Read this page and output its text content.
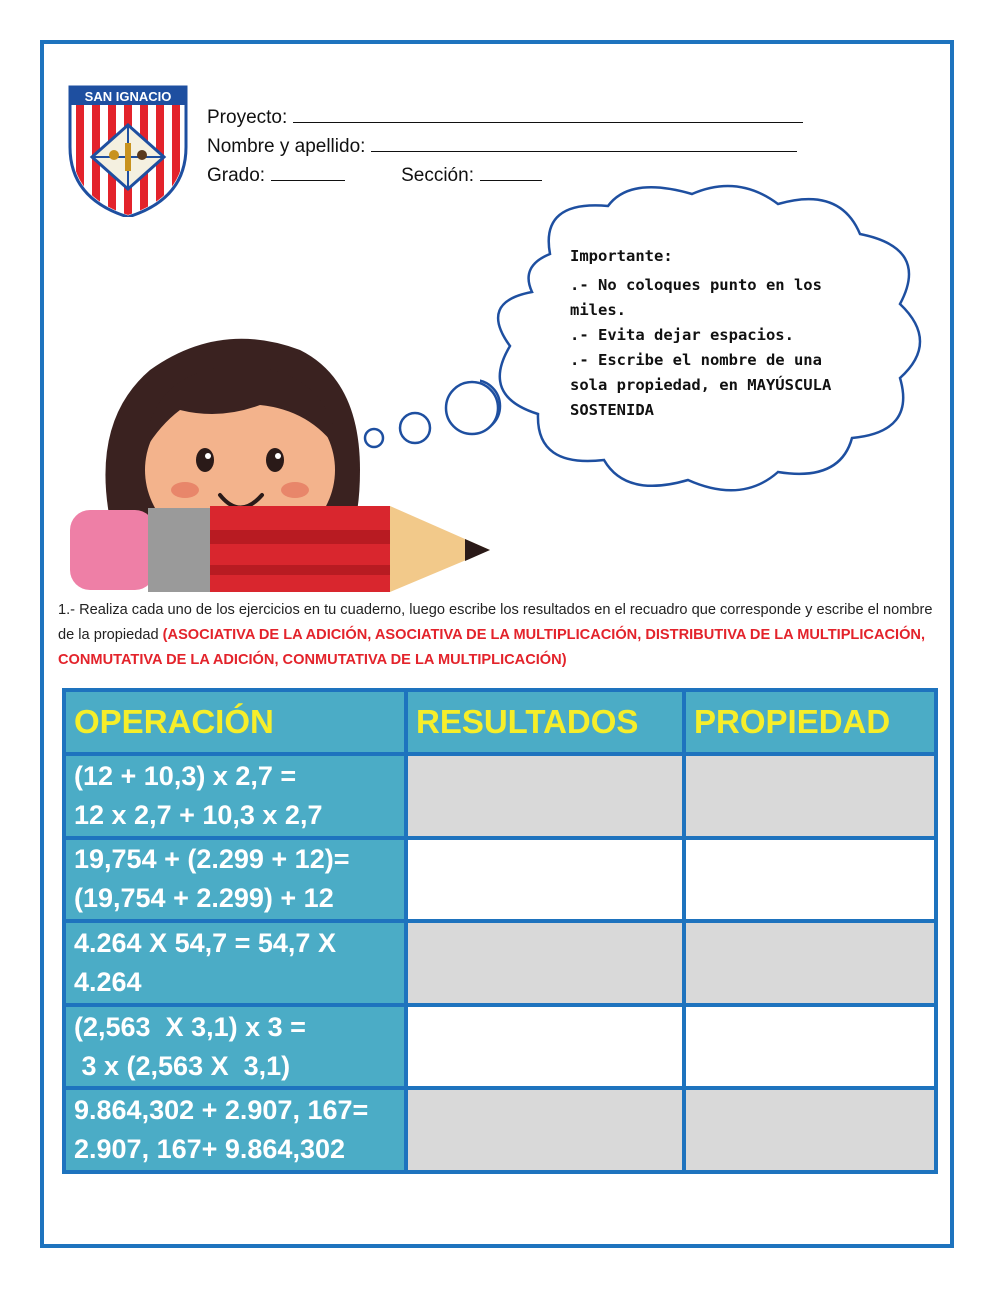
SAN IGNACIO
Proyecto:
Nombre y apellido:
Grado:	Sección:
Importante:
.- No coloques punto en los miles.
.- Evita dejar espacios.
.- Escribe el nombre de una sola propiedad, en MAYÚSCULA SOSTENIDA
1.- Realiza cada uno de los ejercicios en tu cuaderno, luego escribe los resultados en el recuadro que corresponde y escribe el nombre de la propiedad (ASOCIATIVA DE LA ADICIÓN, ASOCIATIVA DE LA MULTIPLICACIÓN, DISTRIBUTIVA DE LA MULTIPLICACIÓN, CONMUTATIVA DE LA ADICIÓN, CONMUTATIVA DE LA MULTIPLICACIÓN)
OPERACIÓN	RESULTADOS	PROPIEDAD

(12 + 10,3) x 2,7 =
12 x 2,7 + 10,3 x 2,7		

19,754 + (2.299 + 12)=
(19,754 + 2.299) + 12		

4.264 X 54,7 = 54,7 X
4.264		

(2,563  X 3,1) x 3 =
3 x (2,563 X  3,1)		

9.864,302 + 2.907, 167=
2.907, 167+ 9.864,302		
